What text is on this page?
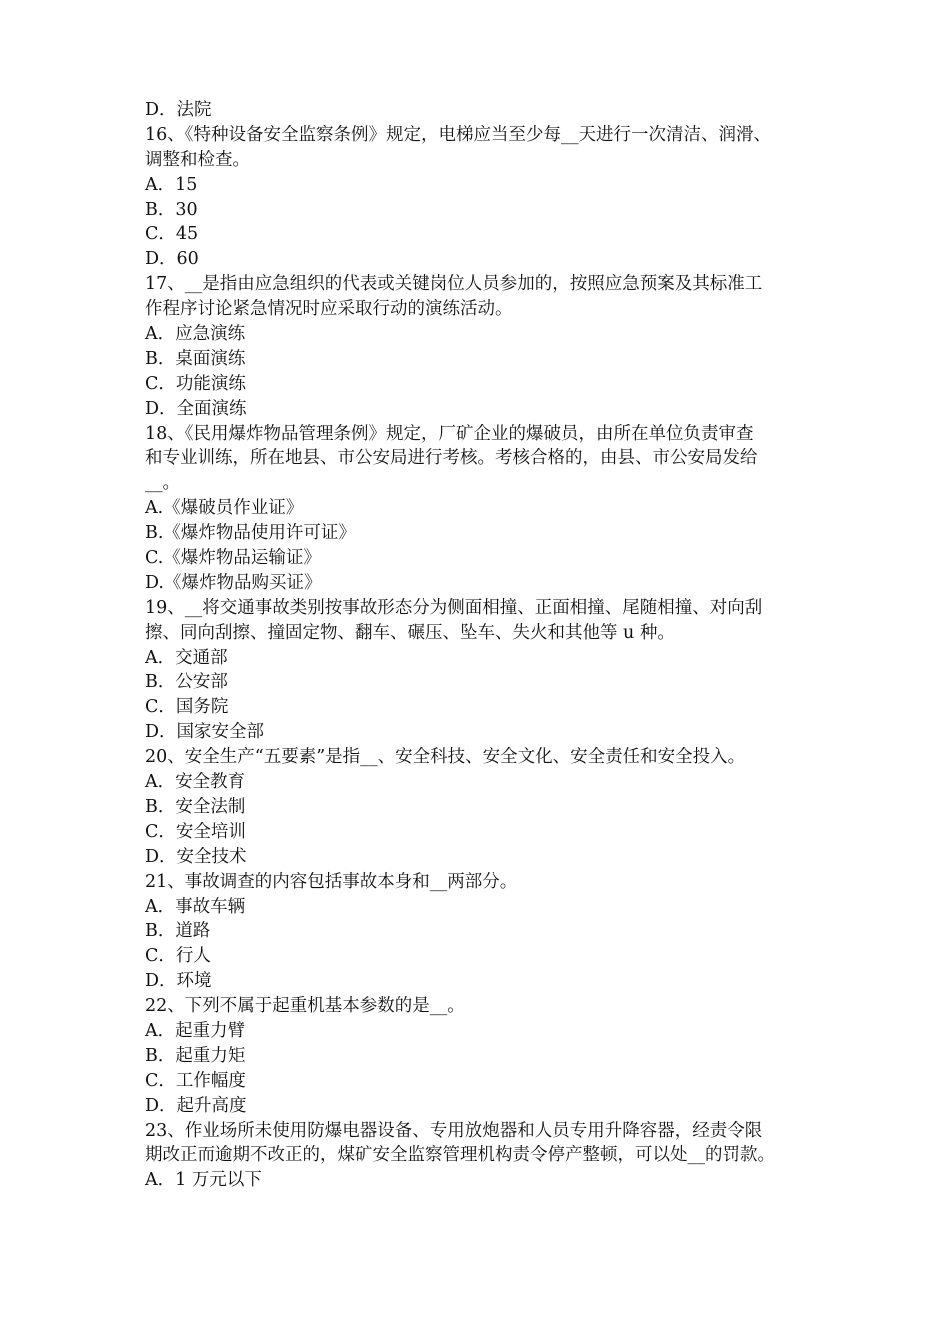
D．法院
16、《特种设备安全监察条例》规定，电梯应当至少每__天进行一次清洁、润滑、
调整和检查。
A．15
B．30
C．45
D．60
17、__是指由应急组织的代表或关键岗位人员参加的，按照应急预案及其标准工
作程序讨论紧急情况时应采取行动的演练活动。
A．应急演练
B．桌面演练
C．功能演练
D．全面演练
18、《民用爆炸物品管理条例》规定，厂矿企业的爆破员，由所在单位负责审查
和专业训练，所在地县、市公安局进行考核。考核合格的，由县、市公安局发给
__。
A.《爆破员作业证》
B.《爆炸物品使用许可证》
C.《爆炸物品运输证》
D.《爆炸物品购买证》
19、__将交通事故类别按事故形态分为侧面相撞、正面相撞、尾随相撞、对向刮
擦、同向刮擦、撞固定物、翻车、碾压、坠车、失火和其他等 u 种。
A．交通部
B．公安部
C．国务院
D．国家安全部
20、安全生产“五要素”是指__、安全科技、安全文化、安全责任和安全投入。
A．安全教育
B．安全法制
C．安全培训
D．安全技术
21、事故调查的内容包括事故本身和__两部分。
A．事故车辆
B．道路
C．行人
D．环境
22、下列不属于起重机基本参数的是__。
A．起重力臂
B．起重力矩
C．工作幅度
D．起升高度
23、作业场所未使用防爆电器设备、专用放炮器和人员专用升降容器，经责令限
期改正而逾期不改正的，煤矿安全监察管理机构责令停产整顿，可以处__的罚款。
A．1 万元以下
